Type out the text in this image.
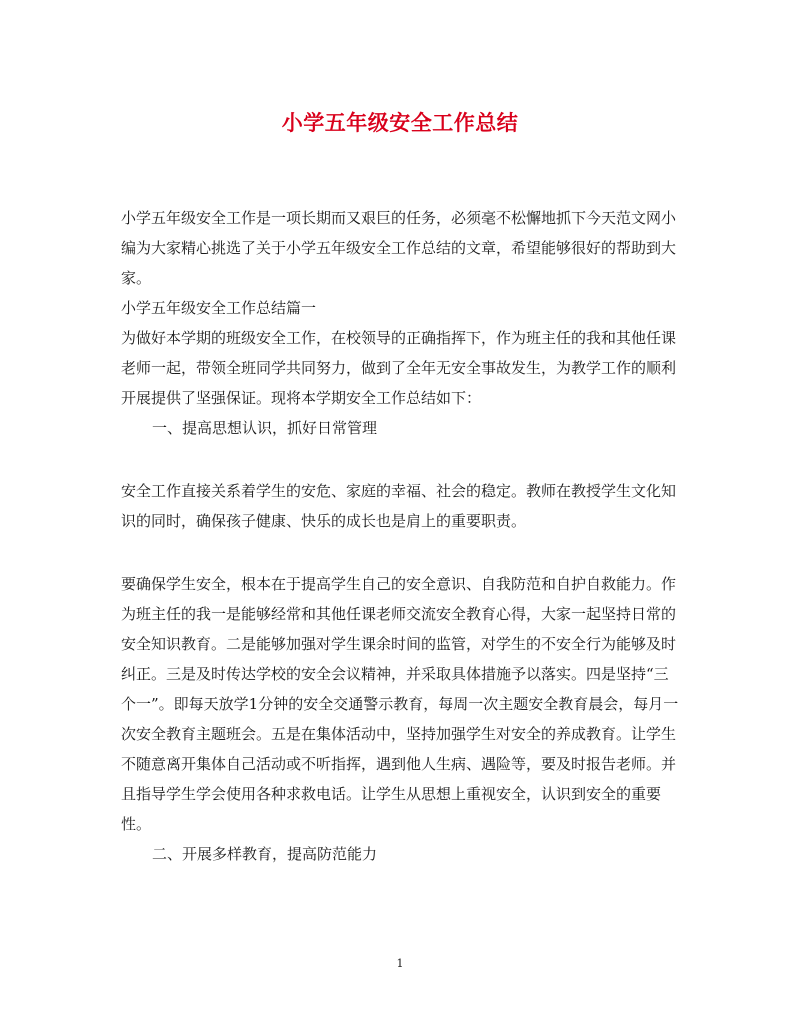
小学五年级安全工作总结

小学五年级安全工作是一项长期而又艰巨的任务，必须毫不松懈地抓下今天范文网小编为大家精心挑选了关于小学五年级安全工作总结的文章，希望能够很好的帮助到大家。

小学五年级安全工作总结篇一

为做好本学期的班级安全工作，在校领导的正确指挥下，作为班主任的我和其他任课老师一起，带领全班同学共同努力，做到了全年无安全事故发生，为教学工作的顺利开展提供了坚强保证。现将本学期安全工作总结如下：

一、提高思想认识，抓好日常管理

安全工作直接关系着学生的安危、家庭的幸福、社会的稳定。教师在教授学生文化知识的同时，确保孩子健康、快乐的成长也是肩上的重要职责。

要确保学生安全，根本在于提高学生自己的安全意识、自我防范和自护自救能力。作为班主任的我一是能够经常和其他任课老师交流安全教育心得，大家一起坚持日常的安全知识教育。二是能够加强对学生课余时间的监管，对学生的不安全行为能够及时纠正。三是及时传达学校的安全会议精神，并采取具体措施予以落实。四是坚持“三个一”。即每天放学1分钟的安全交通警示教育，每周一次主题安全教育晨会，每月一次安全教育主题班会。五是在集体活动中，坚持加强学生对安全的养成教育。让学生不随意离开集体自己活动或不听指挥，遇到他人生病、遇险等，要及时报告老师。并且指导学生学会使用各种求救电话。让学生从思想上重视安全，认识到安全的重要性。

二、开展多样教育，提高防范能力

1
